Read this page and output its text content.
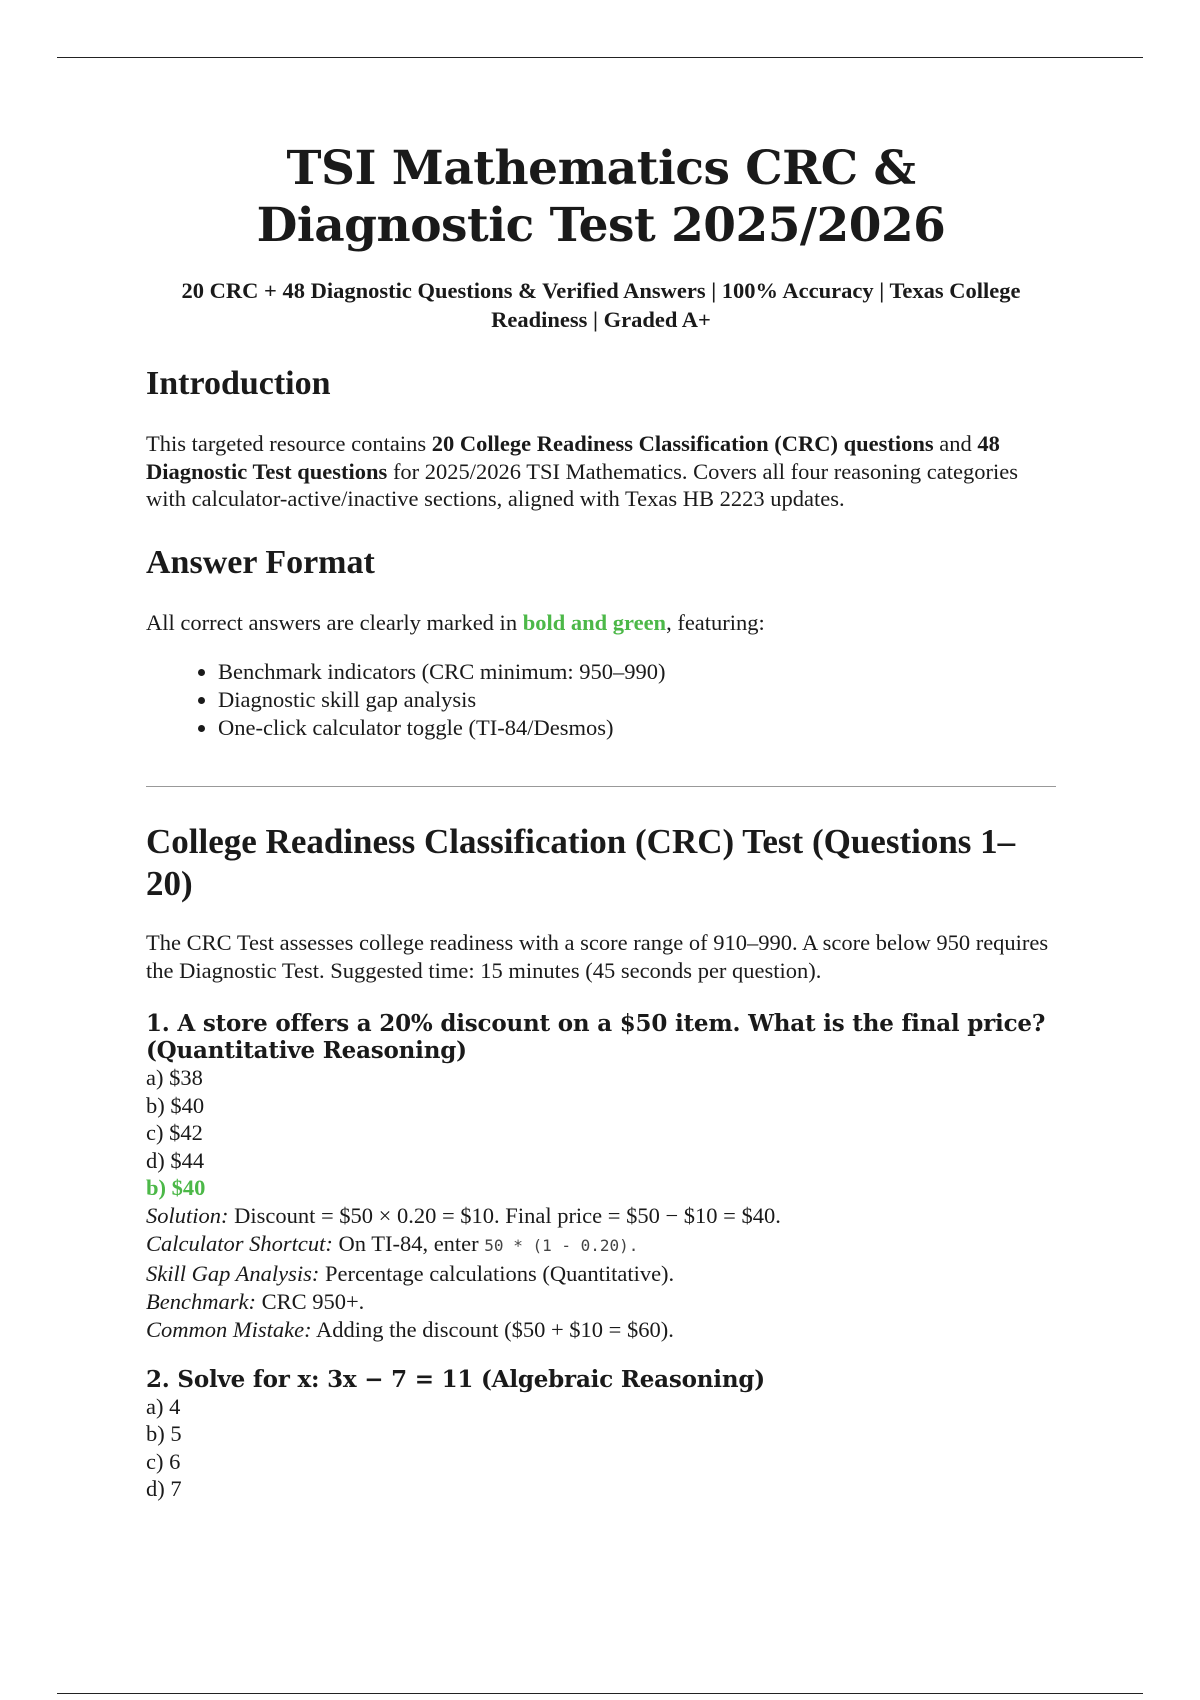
TSI Mathematics CRC & Diagnostic Test 2025/2026
20 CRC + 48 Diagnostic Questions & Verified Answers | 100% Accuracy | Texas College Readiness | Graded A+
Introduction

This targeted resource contains 20 College Readiness Classification (CRC) questions and 48 Diagnostic Test questions for 2025/2026 TSI Mathematics. Covers all four reasoning categories with calculator-active/inactive sections, aligned with Texas HB 2223 updates.

Answer Format

All correct answers are clearly marked in bold and green, featuring:

• Benchmark indicators (CRC minimum: 950–990)
• Diagnostic skill gap analysis
• One-click calculator toggle (TI-84/Desmos)
College Readiness Classification (CRC) Test (Questions 1–20)

The CRC Test assesses college readiness with a score range of 910–990. A score below 950 requires the Diagnostic Test. Suggested time: 15 minutes (45 seconds per question).

1. A store offers a 20% discount on a $50 item. What is the final price? (Quantitative Reasoning)
a) $38
b) $40
c) $42
d) $44
b) $40
Solution: Discount = $50 × 0.20 = $10. Final price = $50 − $10 = $40.
Calculator Shortcut: On TI-84, enter 50 * (1 - 0.20).
Skill Gap Analysis: Percentage calculations (Quantitative).
Benchmark: CRC 950+.
Common Mistake: Adding the discount ($50 + $10 = $60).
2. Solve for x: 3x − 7 = 11 (Algebraic Reasoning)
a) 4
b) 5
c) 6
d) 7
